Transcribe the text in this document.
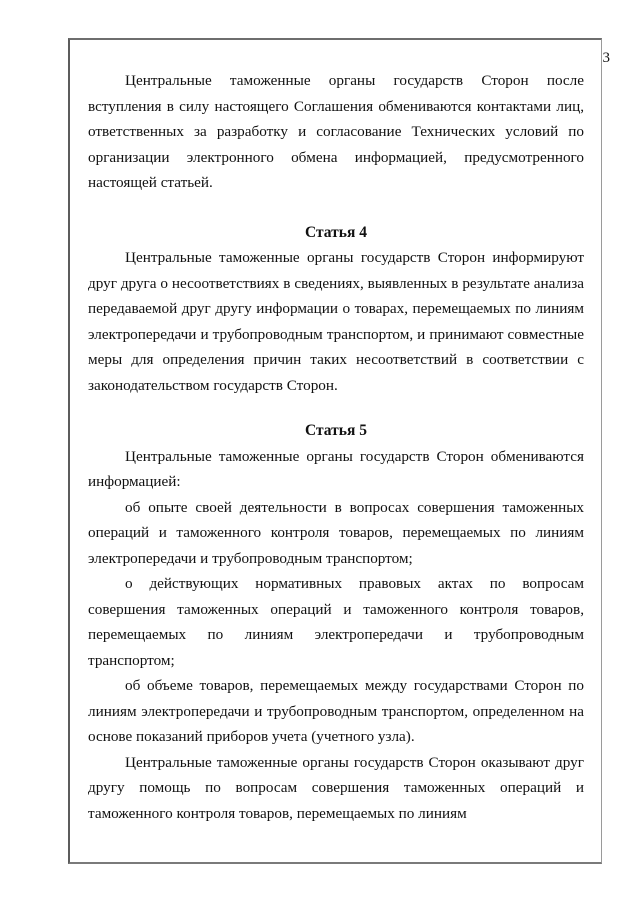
3

Центральные таможенные органы государств Сторон после вступления в силу настоящего Соглашения обмениваются контактами лиц, ответственных за разработку и согласование Технических условий по организации электронного обмена информацией, предусмотренного настоящей статьей.

Статья 4

Центральные таможенные органы государств Сторон информируют друг друга о несоответствиях в сведениях, выявленных в результате анализа передаваемой друг другу информации о товарах, перемещаемых по линиям электропередачи и трубопроводным транспортом, и принимают совместные меры для определения причин таких несоответствий в соответствии с законодательством государств Сторон.

Статья 5

Центральные таможенные органы государств Сторон обмениваются информацией:

об опыте своей деятельности в вопросах совершения таможенных операций и таможенного контроля товаров, перемещаемых по линиям электропередачи и трубопроводным транспортом;

о действующих нормативных правовых актах по вопросам совершения таможенных операций и таможенного контроля товаров, перемещаемых по линиям электропередачи и трубопроводным транспортом;

об объеме товаров, перемещаемых между государствами Сторон по линиям электропередачи и трубопроводным транспортом, определенном на основе показаний приборов учета (учетного узла).

Центральные таможенные органы государств Сторон оказывают друг другу помощь по вопросам совершения таможенных операций и таможенного контроля товаров, перемещаемых по линиям
